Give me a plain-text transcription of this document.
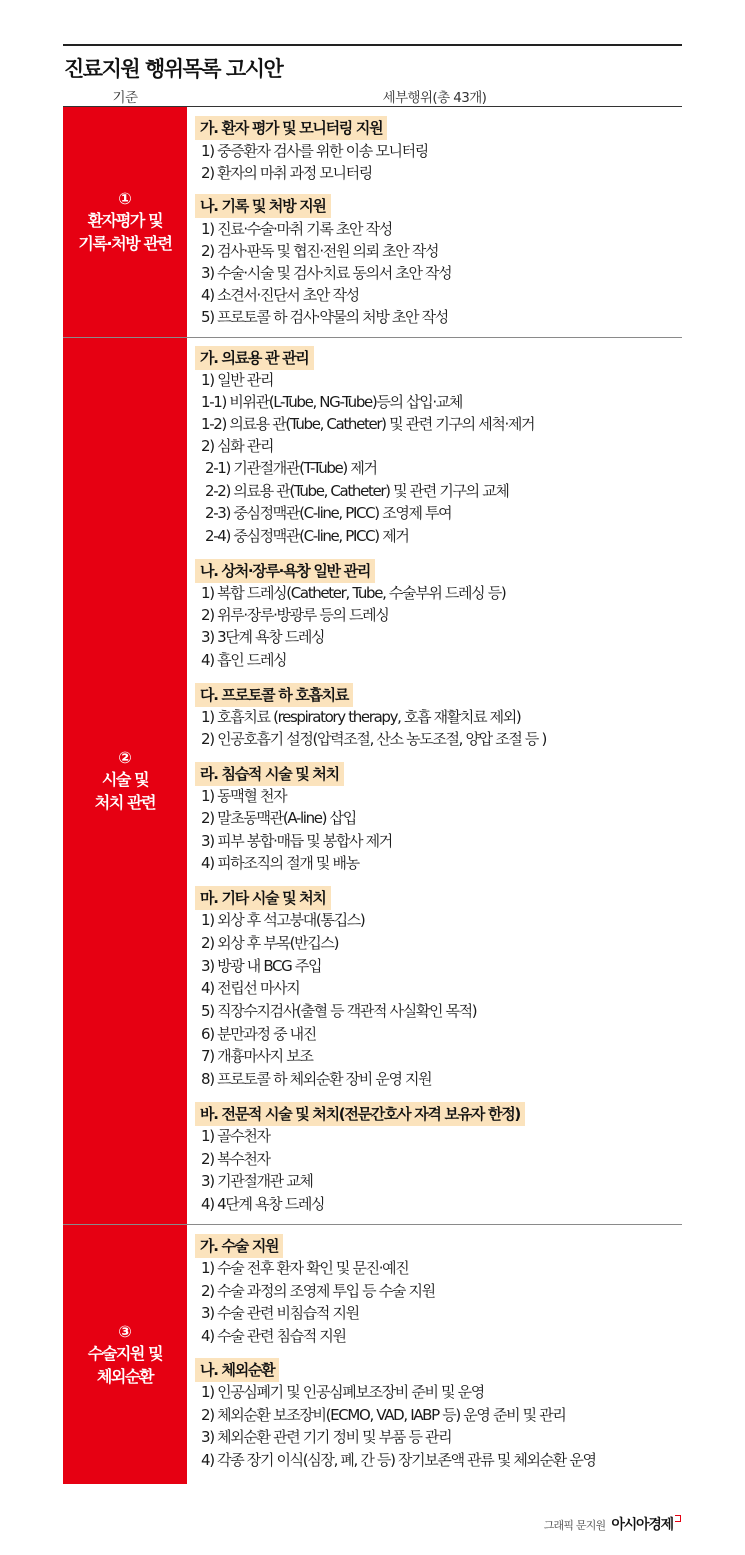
진료지원 행위목록 고시안
기준	세부행위(총 43개)
①
환자평가 및
기록·처방 관련
가. 환자 평가 및 모니터링 지원
1) 중증환자 검사를 위한 이송 모니터링
2) 환자의 마취 과정 모니터링
나. 기록 및 처방 지원
1) 진료·수술·마취 기록 초안 작성
2) 검사·판독 및 협진·전원 의뢰 초안 작성
3) 수술·시술 및 검사·치료 동의서 초안 작성
4) 소견서·진단서 초안 작성
5) 프로토콜 하 검사·약물의 처방 초안 작성
②
시술 및
처치 관련
가. 의료용 관 관리
1) 일반 관리
1-1) 비위관(L-Tube, NG-Tube)등의 삽입·교체
1-2) 의료용 관(Tube, Catheter) 및 관련 기구의 세척·제거
2) 심화 관리
2-1) 기관절개관(T-Tube) 제거
2-2) 의료용 관(Tube, Catheter) 및 관련 기구의 교체
2-3) 중심정맥관(C-line, PICC) 조영제 투여
2-4) 중심정맥관(C-line, PICC) 제거
나. 상처·장루·욕창 일반 관리
1) 복합 드레싱(Catheter, Tube, 수술부위 드레싱 등)
2) 위루·장루·방광루 등의 드레싱
3) 3단계 욕창 드레싱
4) 흡인 드레싱
다. 프로토콜 하 호흡치료
1) 호흡치료 (respiratory therapy, 호흡 재활치료 제외)
2) 인공호흡기 설정(압력조절, 산소 농도조절, 양압 조절 등 )
라. 침습적 시술 및 처치
1) 동맥혈 천자
2) 말초동맥관(A-line) 삽입
3) 피부 봉합·매듭 및 봉합사 제거
4) 피하조직의 절개 및 배농
마. 기타 시술 및 처치
1) 외상 후 석고붕대(통깁스)
2) 외상 후 부목(반깁스)
3) 방광 내 BCG 주입
4) 전립선 마사지
5) 직장수지검사(출혈 등 객관적 사실확인 목적)
6) 분만과정 중 내진
7) 개흉마사지 보조
8) 프로토콜 하 체외순환 장비 운영 지원
바. 전문적 시술 및 처치(전문간호사 자격 보유자 한정)
1) 골수천자
2) 복수천자
3) 기관절개관 교체
4) 4단계 욕창 드레싱
③
수술지원 및
체외순환
가. 수술 지원
1) 수술 전후 환자 확인 및 문진·예진
2) 수술 과정의 조영제 투입 등 수술 지원
3) 수술 관련 비침습적 지원
4) 수술 관련 침습적 지원
나. 체외순환
1) 인공심폐기 및 인공심폐보조장비 준비 및 운영
2) 체외순환 보조장비(ECMO, VAD, IABP 등) 운영 준비 및 관리
3) 체외순환 관련 기기 정비 및 부품 등 관리
4) 각종 장기 이식(심장, 폐, 간 등) 장기보존액 관류 및 체외순환 운영
그래픽 문지원 아시아경제
